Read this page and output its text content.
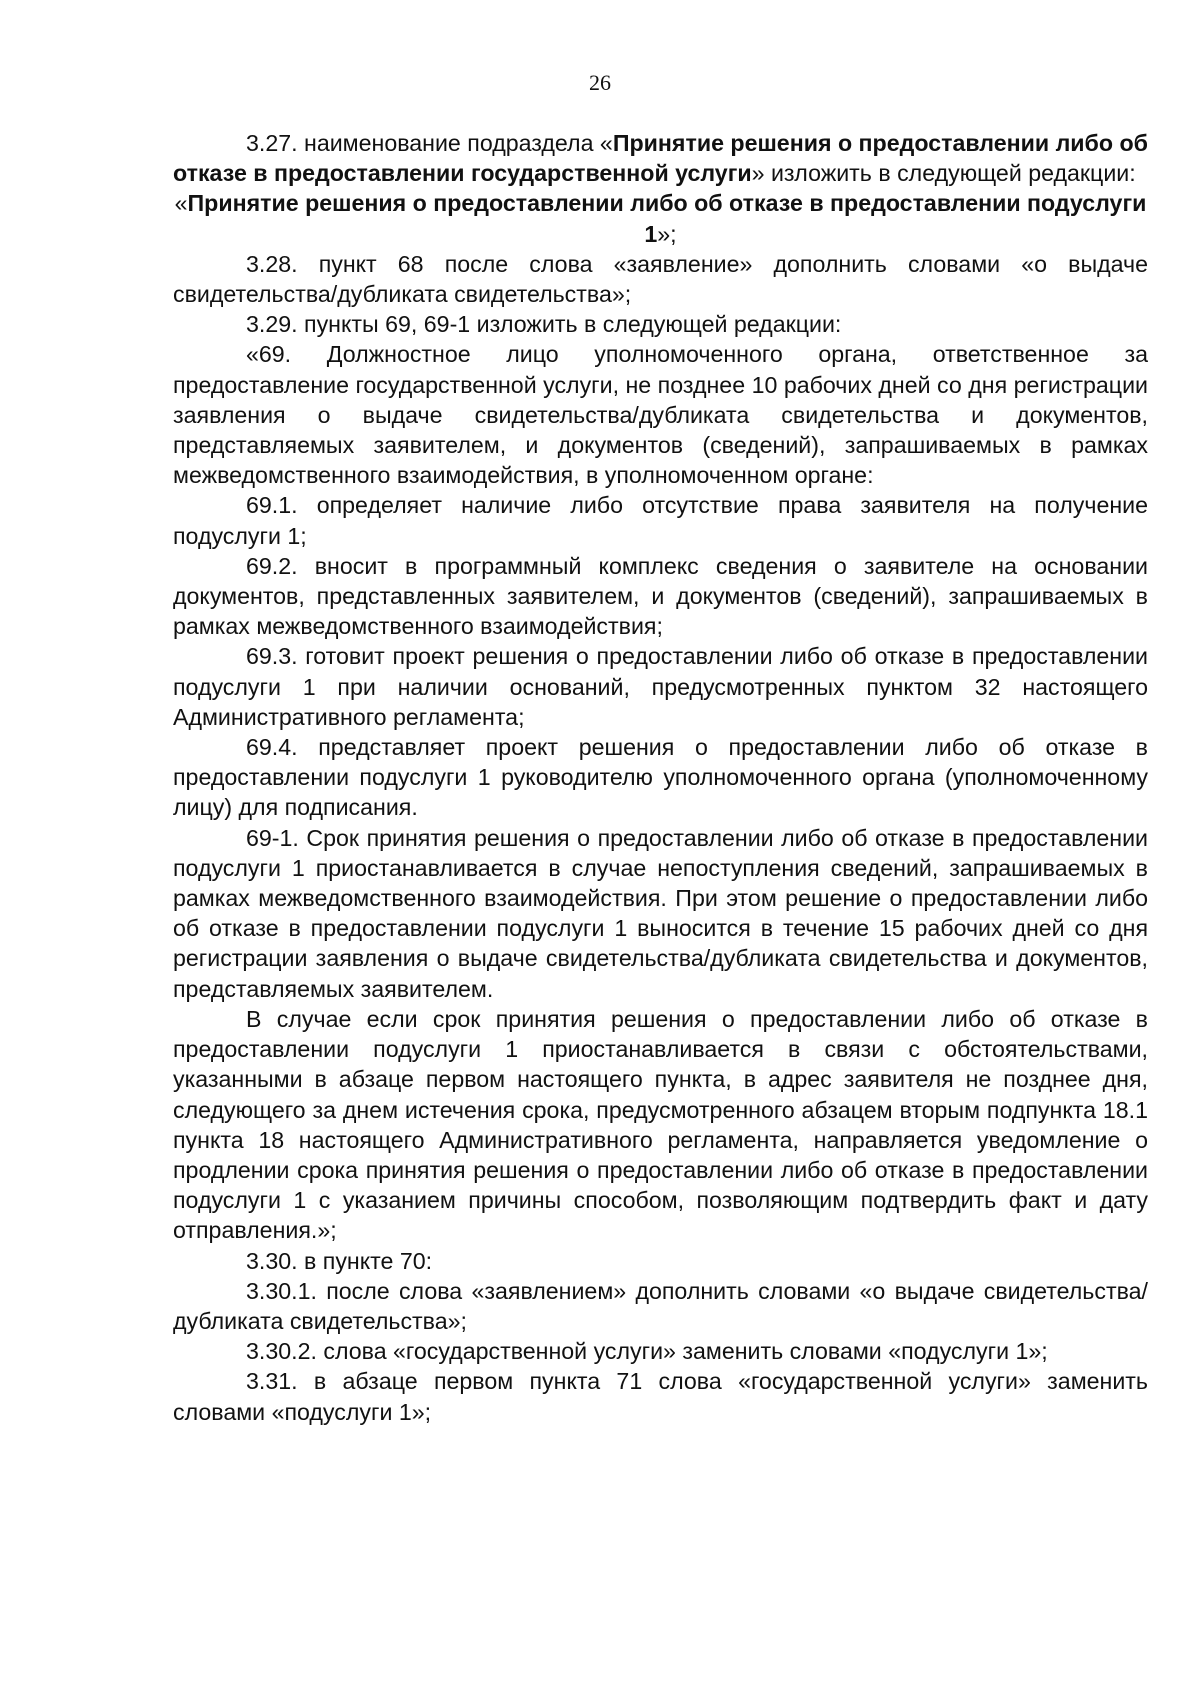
26

3.27. наименование подраздела «Принятие решения о предоставлении либо об отказе в предоставлении государственной услуги» изложить в следующей редакции:

«Принятие решения о предоставлении либо об отказе в предоставлении подуслуги 1»;

3.28. пункт 68 после слова «заявление» дополнить словами «о выдаче свидетельства/дубликата свидетельства»;

3.29. пункты 69, 69-1 изложить в следующей редакции:

«69. Должностное лицо уполномоченного органа, ответственное за предоставление государственной услуги, не позднее 10 рабочих дней со дня регистрации заявления о выдаче свидетельства/дубликата свидетельства и документов, представляемых заявителем, и документов (сведений), запрашиваемых в рамках межведомственного взаимодействия, в уполномоченном органе:

69.1. определяет наличие либо отсутствие права заявителя на получение подуслуги 1;

69.2. вносит в программный комплекс сведения о заявителе на основании документов, представленных заявителем, и документов (сведений), запрашиваемых в рамках межведомственного взаимодействия;

69.3. готовит проект решения о предоставлении либо об отказе в предоставлении подуслуги 1 при наличии оснований, предусмотренных пунктом 32 настоящего Административного регламента;

69.4. представляет проект решения о предоставлении либо об отказе в предоставлении подуслуги 1 руководителю уполномоченного органа (уполномоченному лицу) для подписания.

69-1. Срок принятия решения о предоставлении либо об отказе в предоставлении подуслуги 1 приостанавливается в случае непоступления сведений, запрашиваемых в рамках межведомственного взаимодействия. При этом решение о предоставлении либо об отказе в предоставлении подуслуги 1 выносится в течение 15 рабочих дней со дня регистрации заявления о выдаче свидетельства/дубликата свидетельства и документов, представляемых заявителем.

В случае если срок принятия решения о предоставлении либо об отказе в предоставлении подуслуги 1 приостанавливается в связи с обстоятельствами, указанными в абзаце первом настоящего пункта, в адрес заявителя не позднее дня, следующего за днем истечения срока, предусмотренного абзацем вторым подпункта 18.1 пункта 18 настоящего Административного регламента, направляется уведомление о продлении срока принятия решения о предоставлении либо об отказе в предоставлении подуслуги 1 с указанием причины способом, позволяющим подтвердить факт и дату отправления.»;

3.30. в пункте 70:

3.30.1. после слова «заявлением» дополнить словами «о выдаче свидетельства/дубликата свидетельства»;

3.30.2. слова «государственной услуги» заменить словами «подуслуги 1»;

3.31. в абзаце первом пункта 71 слова «государственной услуги» заменить словами «подуслуги 1»;
